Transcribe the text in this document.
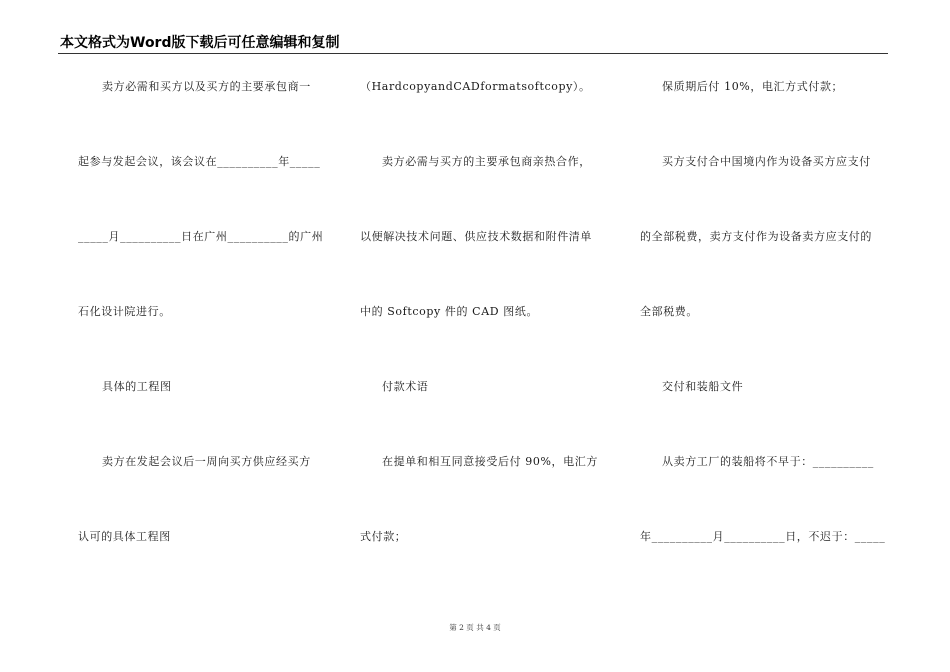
本文格式为Word版下载后可任意编辑和复制
卖方必需和买方以及买方的主要承包商一
起参与发起会议，该会议在__________年_____
_____月__________日在广州__________的广州
石化设计院进行。
具体的工程图
卖方在发起会议后一周向买方供应经买方
认可的具体工程图
（HardcopyandCADformatsoftcopy）。
卖方必需与买方的主要承包商亲热合作，
以便解决技术问题、供应技术数据和附件清单
中的 Softcopy 件的 CAD 图纸。
付款术语
在提单和相互同意接受后付 90%，电汇方
式付款；
保质期后付 10%，电汇方式付款；
买方支付合中国境内作为设备买方应支付
的全部税费，卖方支付作为设备卖方应支付的
全部税费。
交付和装船文件
从卖方工厂的装船将不早于：__________
年__________月__________日，不迟于：_____
第 2 页 共 4 页
